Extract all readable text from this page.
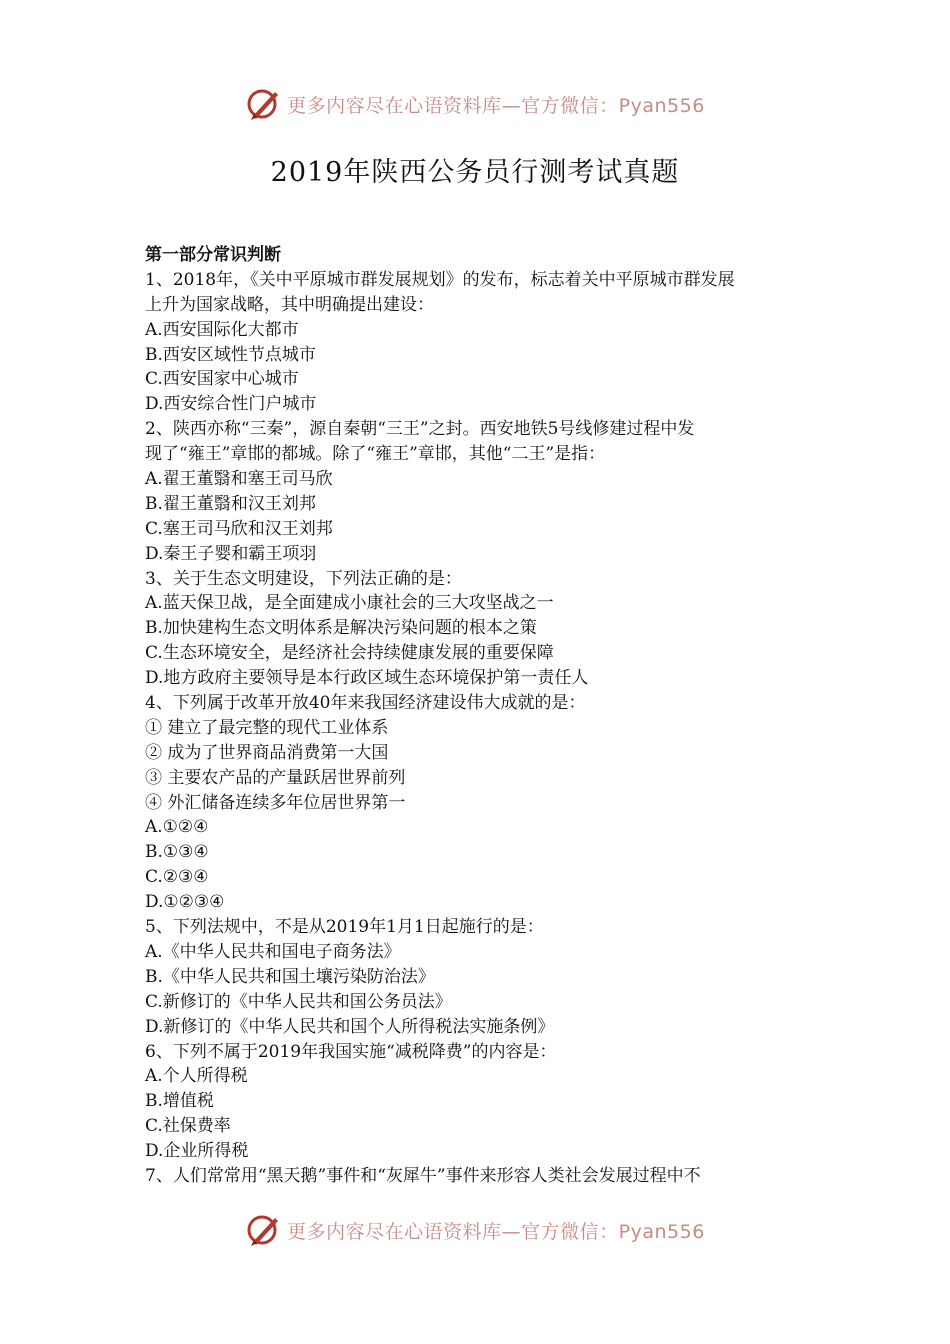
更多内容尽在心语资料库—官方微信：Pyan556
2019年陕西公务员行测考试真题
第一部分常识判断
1、2018年，《关中平原城市群发展规划》的发布，标志着关中平原城市群发展
上升为国家战略，其中明确提出建设：
A.西安国际化大都市
B.西安区域性节点城市
C.西安国家中心城市
D.西安综合性门户城市
2、陕西亦称“三秦”，源自秦朝“三王”之封。西安地铁5号线修建过程中发
现了“雍王”章邯的都城。除了“雍王”章邯，其他“二王”是指：
A.翟王董翳和塞王司马欣
B.翟王董翳和汉王刘邦
C.塞王司马欣和汉王刘邦
D.秦王子婴和霸王项羽
3、关于生态文明建设，下列法正确的是：
A.蓝天保卫战，是全面建成小康社会的三大攻坚战之一
B.加快建构生态文明体系是解决污染问题的根本之策
C.生态环境安全，是经济社会持续健康发展的重要保障
D.地方政府主要领导是本行政区域生态环境保护第一责任人
4、下列属于改革开放40年来我国经济建设伟大成就的是：
① 建立了最完整的现代工业体系
② 成为了世界商品消费第一大国
③ 主要农产品的产量跃居世界前列
④ 外汇储备连续多年位居世界第一
A.①②④
B.①③④
C.②③④
D.①②③④
5、下列法规中，不是从2019年1月1日起施行的是：
A.《中华人民共和国电子商务法》
B.《中华人民共和国土壤污染防治法》
C.新修订的《中华人民共和国公务员法》
D.新修订的《中华人民共和国个人所得税法实施条例》
6、下列不属于2019年我国实施“减税降费”的内容是：
A.个人所得税
B.增值税
C.社保费率
D.企业所得税
7、人们常常用“黑天鹅”事件和“灰犀牛”事件来形容人类社会发展过程中不
更多内容尽在心语资料库—官方微信：Pyan556
